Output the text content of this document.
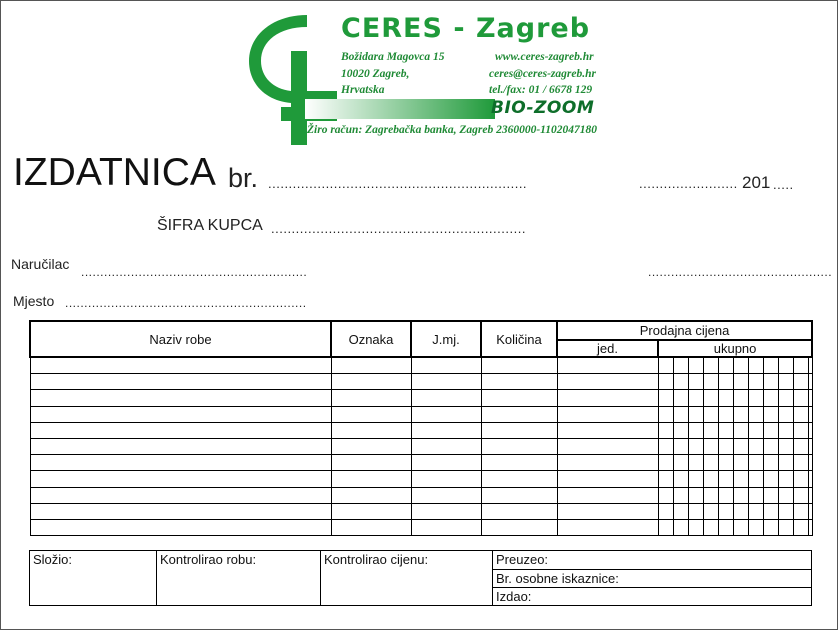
CERES - Zagreb
Božidara Magovca 15
10020 Zagreb,
Hrvatska
www.ceres-zagreb.hr
ceres@ceres-zagreb.hr
tel./fax: 01 / 6678 129
BIO-ZOOM
Žiro račun: Zagrebačka banka, Zagreb 2360000-1102047180
IZDATNICA br. ...............................................................	........................ 201 .....
ŠIFRA KUPCA ..............................................................
Naručilac ...........................................................	................................................
Mjesto ...............................................................
Naziv robe	Oznaka	J.mj.	Količina	Prodajna cijena											
				jed.	ukupno										

Složio:	Kontrolirao robu:	Kontrolirao cijenu:	Preuzeo:
Br. osobne iskaznice:
Izdao:
